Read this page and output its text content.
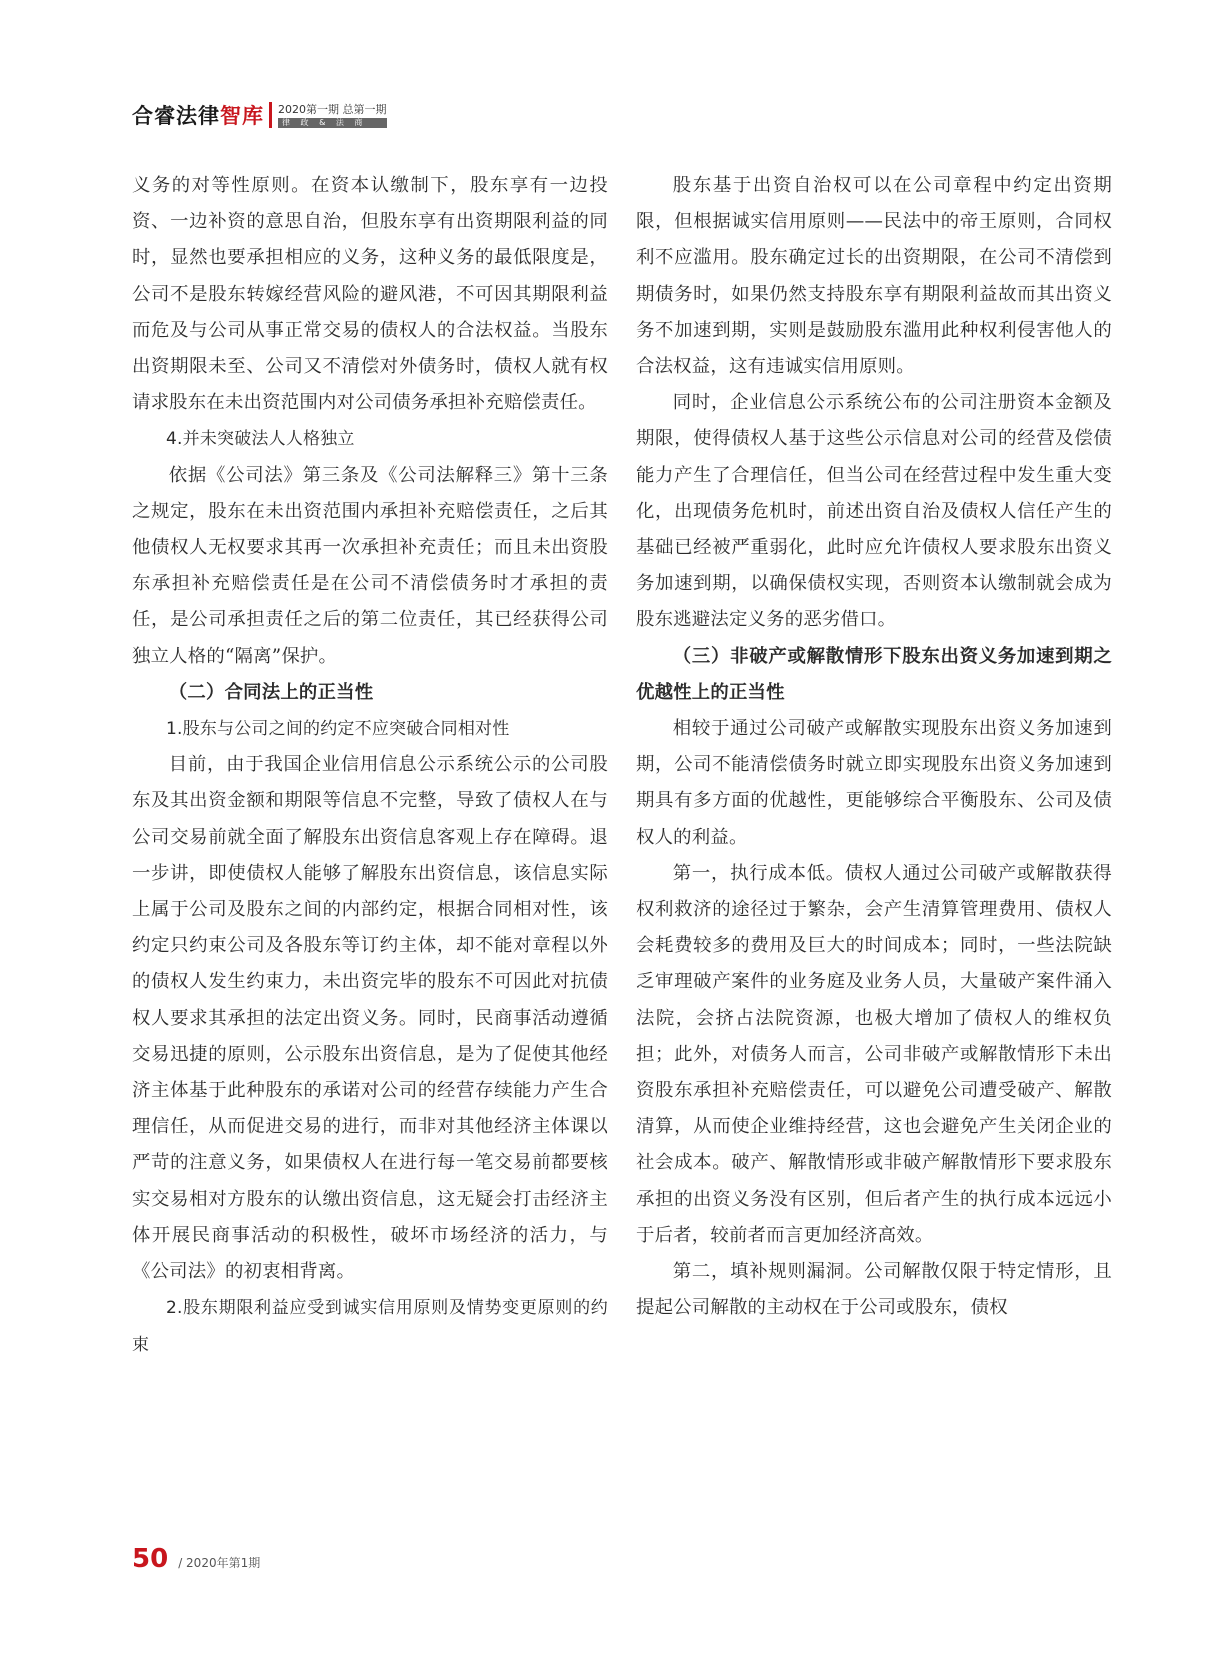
合睿法律智库 2020第一期 总第一期
律 政 & 法 商

义务的对等性原则。在资本认缴制下，股东享有一边投资、一边补资的意思自治，但股东享有出资期限利益的同时，显然也要承担相应的义务，这种义务的最低限度是，公司不是股东转嫁经营风险的避风港，不可因其期限利益而危及与公司从事正常交易的债权人的合法权益。当股东出资期限未至、公司又不清偿对外债务时，债权人就有权请求股东在未出资范围内对公司债务承担补充赔偿责任。

4.并未突破法人人格独立

依据《公司法》第三条及《公司法解释三》第十三条之规定，股东在未出资范围内承担补充赔偿责任，之后其他债权人无权要求其再一次承担补充责任；而且未出资股东承担补充赔偿责任是在公司不清偿债务时才承担的责任，是公司承担责任之后的第二位责任，其已经获得公司独立人格的“隔离”保护。

（二）合同法上的正当性

1.股东与公司之间的约定不应突破合同相对性

目前，由于我国企业信用信息公示系统公示的公司股东及其出资金额和期限等信息不完整，导致了债权人在与公司交易前就全面了解股东出资信息客观上存在障碍。退一步讲，即使债权人能够了解股东出资信息，该信息实际上属于公司及股东之间的内部约定，根据合同相对性，该约定只约束公司及各股东等订约主体，却不能对章程以外的债权人发生约束力，未出资完毕的股东不可因此对抗债权人要求其承担的法定出资义务。同时，民商事活动遵循交易迅捷的原则，公示股东出资信息，是为了促使其他经济主体基于此种股东的承诺对公司的经营存续能力产生合理信任，从而促进交易的进行，而非对其他经济主体课以严苛的注意义务，如果债权人在进行每一笔交易前都要核实交易相对方股东的认缴出资信息，这无疑会打击经济主体开展民商事活动的积极性，破坏市场经济的活力，与《公司法》的初衷相背离。

2.股东期限利益应受到诚实信用原则及情势变更原则的约束

股东基于出资自治权可以在公司章程中约定出资期限，但根据诚实信用原则——民法中的帝王原则，合同权利不应滥用。股东确定过长的出资期限，在公司不清偿到期债务时，如果仍然支持股东享有期限利益故而其出资义务不加速到期，实则是鼓励股东滥用此种权利侵害他人的合法权益，这有违诚实信用原则。

同时，企业信息公示系统公布的公司注册资本金额及期限，使得债权人基于这些公示信息对公司的经营及偿债能力产生了合理信任，但当公司在经营过程中发生重大变化，出现债务危机时，前述出资自治及债权人信任产生的基础已经被严重弱化，此时应允许债权人要求股东出资义务加速到期，以确保债权实现，否则资本认缴制就会成为股东逃避法定义务的恶劣借口。

（三）非破产或解散情形下股东出资义务加速到期之优越性上的正当性

相较于通过公司破产或解散实现股东出资义务加速到期，公司不能清偿债务时就立即实现股东出资义务加速到期具有多方面的优越性，更能够综合平衡股东、公司及债权人的利益。

第一，执行成本低。债权人通过公司破产或解散获得权利救济的途径过于繁杂，会产生清算管理费用、债权人会耗费较多的费用及巨大的时间成本；同时，一些法院缺乏审理破产案件的业务庭及业务人员，大量破产案件涌入法院，会挤占法院资源，也极大增加了债权人的维权负担；此外，对债务人而言，公司非破产或解散情形下未出资股东承担补充赔偿责任，可以避免公司遭受破产、解散清算，从而使企业维持经营，这也会避免产生关闭企业的社会成本。破产、解散情形或非破产解散情形下要求股东承担的出资义务没有区别，但后者产生的执行成本远远小于后者，较前者而言更加经济高效。

第二，填补规则漏洞。公司解散仅限于特定情形，且提起公司解散的主动权在于公司或股东，债权

50 / 2020年第1期
